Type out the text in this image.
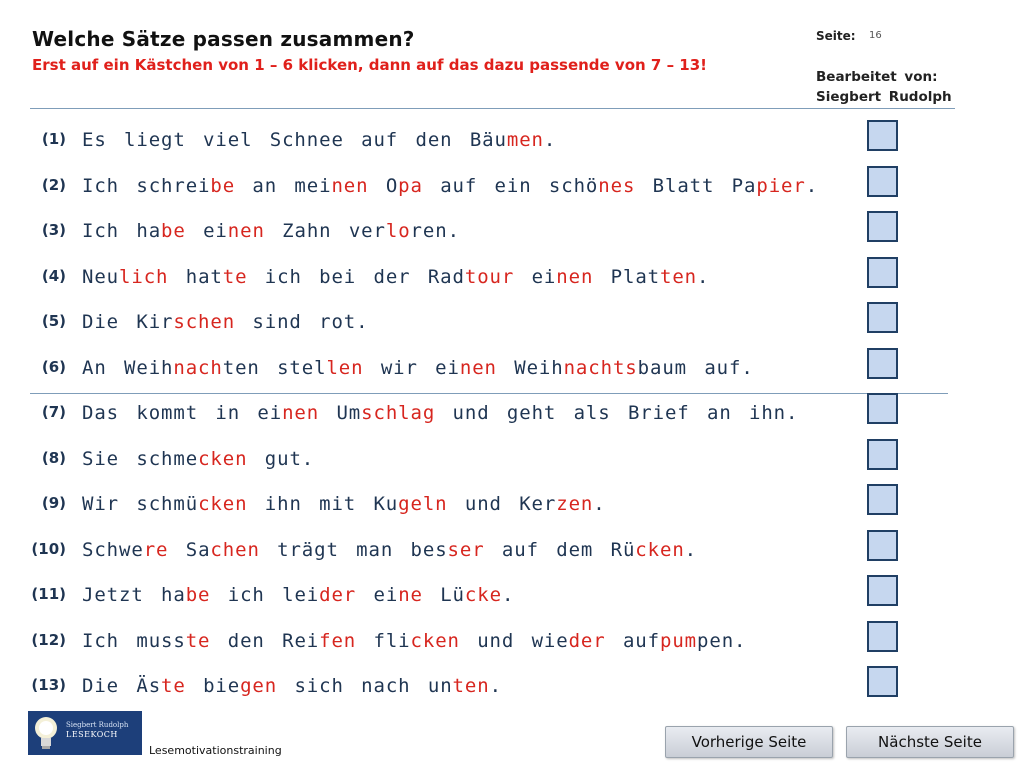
Welche Sätze passen zusammen?
Erst auf ein Kästchen von 1 – 6 klicken, dann auf das dazu passende von 7 – 13!
Seite: 16
Bearbeitet von:
Siegbert Rudolph
(1) Es liegt viel Schnee auf den Bäumen.
(2) Ich schreibe an meinen Opa auf ein schönes Blatt Papier.
(3) Ich habe einen Zahn verloren.
(4) Neulich hatte ich bei der Radtour einen Platten.
(5) Die Kirschen sind rot.
(6) An Weihnachten stellen wir einen Weihnachtsbaum auf.
(7) Das kommt in einen Umschlag und geht als Brief an ihn.
(8) Sie schmecken gut.
(9) Wir schmücken ihn mit Kugeln und Kerzen.
(10) Schwere Sachen trägt man besser auf dem Rücken.
(11) Jetzt habe ich leider eine Lücke.
(12) Ich musste den Reifen flicken und wieder aufpumpen.
(13) Die Äste biegen sich nach unten.
Siegbert Rudolph
LESEKOCH
Lesemotivationstraining	Vorherige Seite	Nächste Seite
